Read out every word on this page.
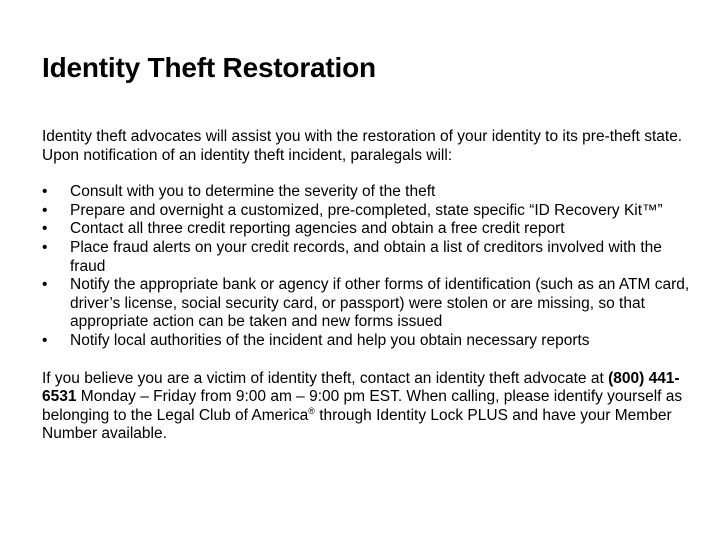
Identity Theft Restoration

Identity theft advocates will assist you with the restoration of your identity to its pre-theft state. Upon notification of an identity theft incident, paralegals will:

• Consult with you to determine the severity of the theft
• Prepare and overnight a customized, pre-completed, state specific “ID Recovery Kit™”
• Contact all three credit reporting agencies and obtain a free credit report
• Place fraud alerts on your credit records, and obtain a list of creditors involved with the fraud
• Notify the appropriate bank or agency if other forms of identification (such as an ATM card, driver’s license, social security card, or passport) were stolen or are missing, so that appropriate action can be taken and new forms issued
• Notify local authorities of the incident and help you obtain necessary reports

If you believe you are a victim of identity theft, contact an identity theft advocate at (800) 441-6531 Monday – Friday from 9:00 am – 9:00 pm EST. When calling, please identify yourself as belonging to the Legal Club of America® through Identity Lock PLUS and have your Member Number available.
